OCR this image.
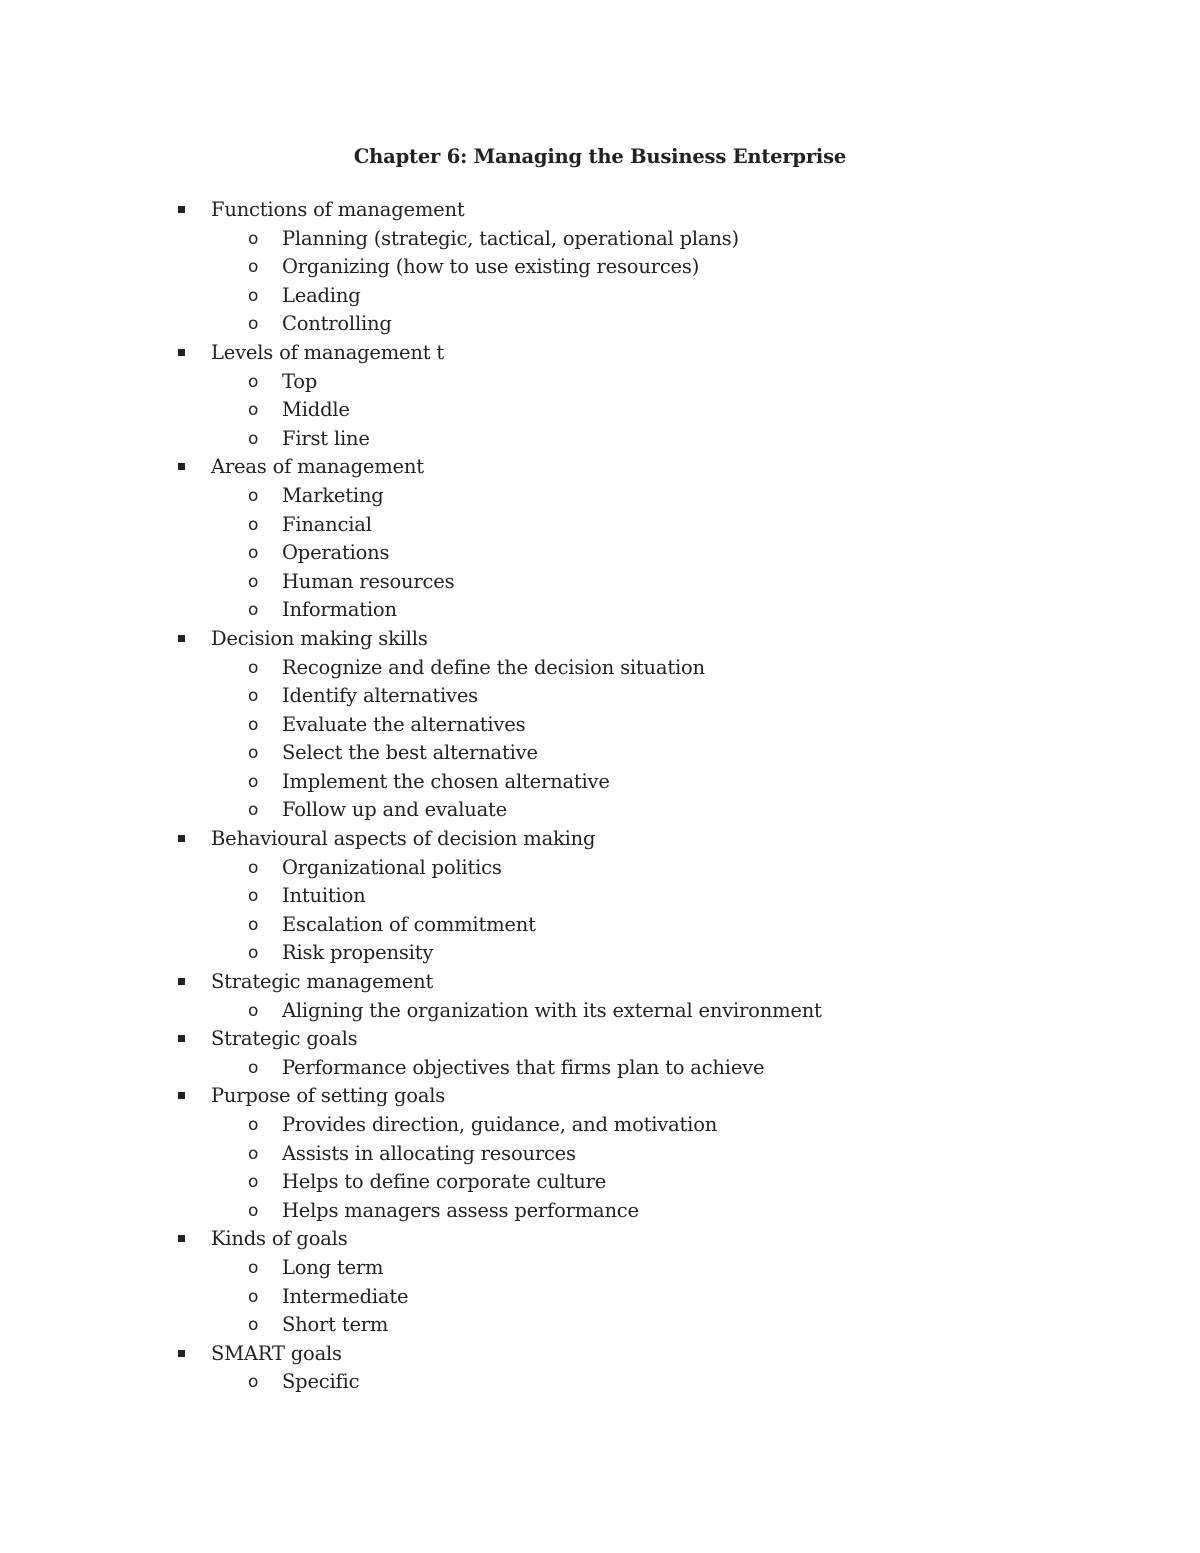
Chapter 6: Managing the Business Enterprise
Functions of management
o	Planning (strategic, tactical, operational plans)
o	Organizing (how to use existing resources)
o	Leading
o	Controlling
Levels of management t
o	Top
o	Middle
o	First line
Areas of management
o	Marketing
o	Financial
o	Operations
o	Human resources
o	Information
Decision making skills
o	Recognize and define the decision situation
o	Identify alternatives
o	Evaluate the alternatives
o	Select the best alternative
o	Implement the chosen alternative
o	Follow up and evaluate
Behavioural aspects of decision making
o	Organizational politics
o	Intuition
o	Escalation of commitment
o	Risk propensity
Strategic management
o	Aligning the organization with its external environment
Strategic goals
o	Performance objectives that firms plan to achieve
Purpose of setting goals
o	Provides direction, guidance, and motivation
o	Assists in allocating resources
o	Helps to define corporate culture
o	Helps managers assess performance
Kinds of goals
o	Long term
o	Intermediate
o	Short term
SMART goals
o	Specific
